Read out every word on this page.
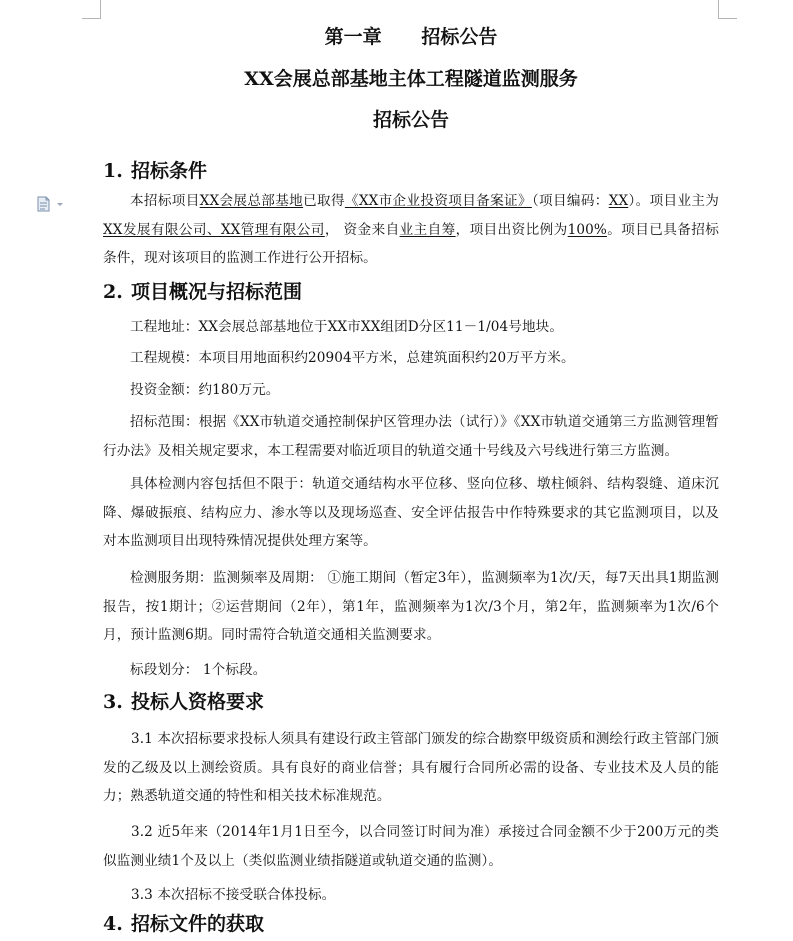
第一章      招标公告
XX会展总部基地主体工程隧道监测服务
招标公告
1. 招标条件

本招标项目XX会展总部基地已取得《XX市企业投资项目备案证》（项目编码：XX）。项目业主为XX发展有限公司、XX管理有限公司， 资金来自业主自筹，项目出资比例为100%。项目已具备招标条件，现对该项目的监测工作进行公开招标。

2. 项目概况与招标范围

工程地址：XX会展总部基地位于XX市XX组团D分区11－1/04号地块。

工程规模：本项目用地面积约20904平方米，总建筑面积约20万平方米。

投资金额：约180万元。

招标范围：根据《XX市轨道交通控制保护区管理办法（试行）》《XX市轨道交通第三方监测管理暂行办法》及相关规定要求，本工程需要对临近项目的轨道交通十号线及六号线进行第三方监测。

具体检测内容包括但不限于：轨道交通结构水平位移、竖向位移、墩柱倾斜、结构裂缝、道床沉降、爆破振痕、结构应力、渗水等以及现场巡查、安全评估报告中作特殊要求的其它监测项目，以及对本监测项目出现特殊情况提供处理方案等。

检测服务期：监测频率及周期： ①施工期间（暂定3年），监测频率为1次/天，每7天出具1期监测报告，按1期计；②运营期间（2年），第1年，监测频率为1次/3个月，第2年，监测频率为1次/6个月，预计监测6期。同时需符合轨道交通相关监测要求。

标段划分： 1个标段。

3. 投标人资格要求

3.1 本次招标要求投标人须具有建设行政主管部门颁发的综合勘察甲级资质和测绘行政主管部门颁发的乙级及以上测绘资质。具有良好的商业信誉；具有履行合同所必需的设备、专业技术及人员的能力；熟悉轨道交通的特性和相关技术标准规范。

3.2 近5年来（2014年1月1日至今，以合同签订时间为准）承接过合同金额不少于200万元的类似监测业绩1个及以上（类似监测业绩指隧道或轨道交通的监测）。

3.3 本次招标不接受联合体投标。

4. 招标文件的获取
